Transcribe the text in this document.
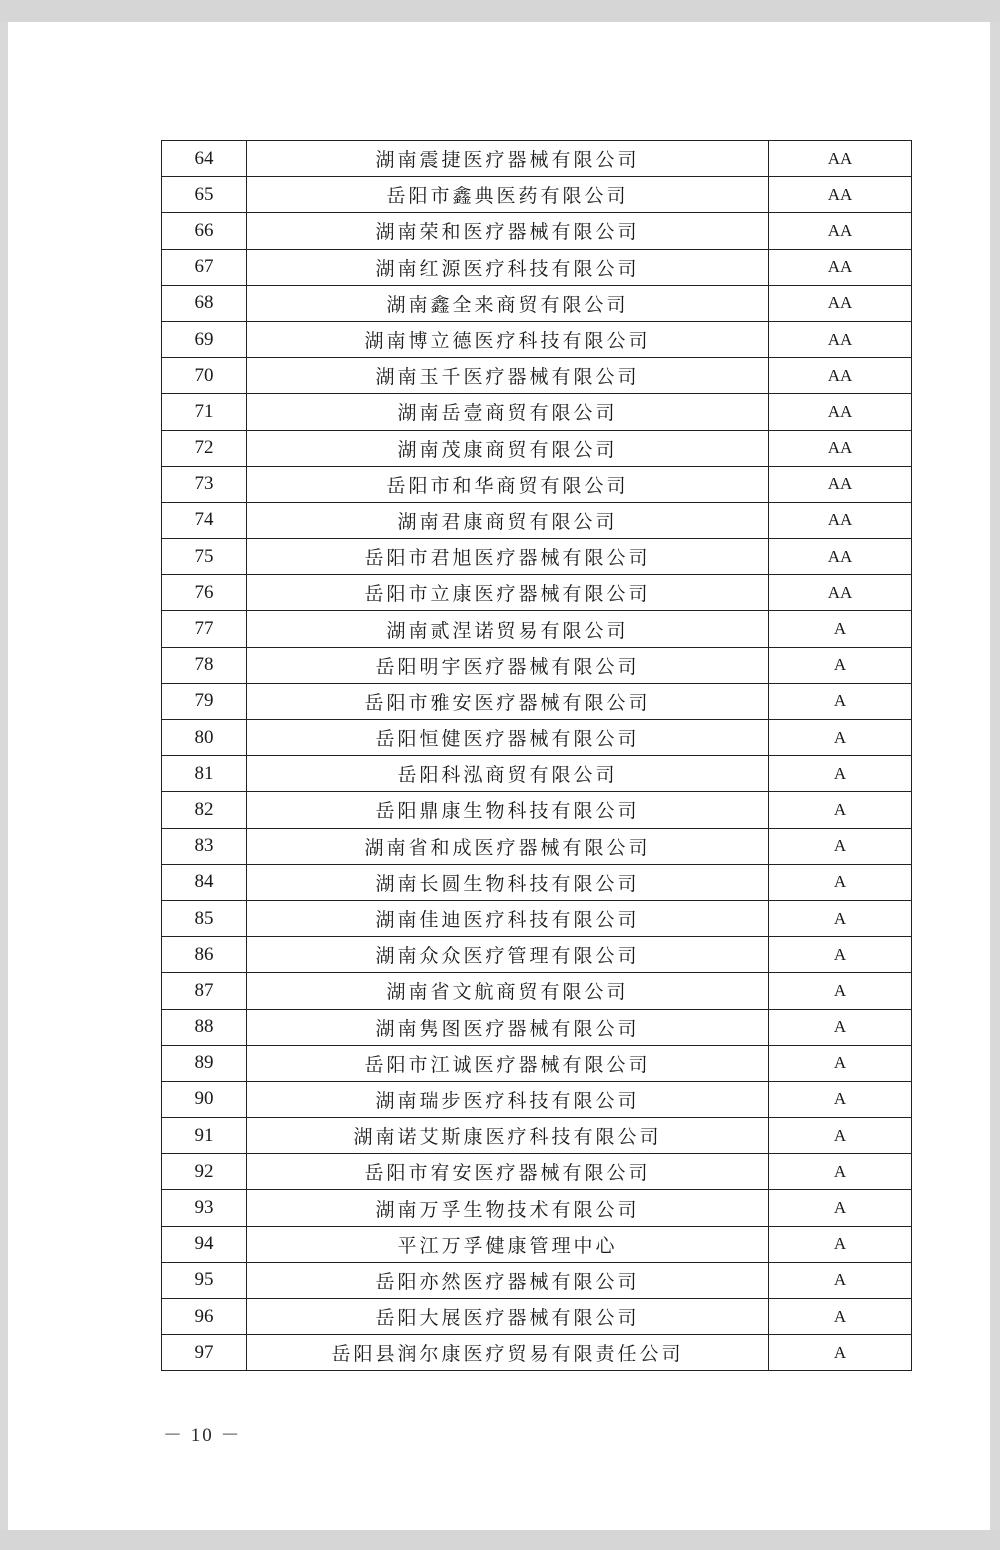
64	湖南震捷医疗器械有限公司	AA
65	岳阳市鑫典医药有限公司	AA
66	湖南荣和医疗器械有限公司	AA
67	湖南红源医疗科技有限公司	AA
68	湖南鑫全来商贸有限公司	AA
69	湖南博立德医疗科技有限公司	AA
70	湖南玉千医疗器械有限公司	AA
71	湖南岳壹商贸有限公司	AA
72	湖南茂康商贸有限公司	AA
73	岳阳市和华商贸有限公司	AA
74	湖南君康商贸有限公司	AA
75	岳阳市君旭医疗器械有限公司	AA
76	岳阳市立康医疗器械有限公司	AA
77	湖南贰涅诺贸易有限公司	A
78	岳阳明宇医疗器械有限公司	A
79	岳阳市雅安医疗器械有限公司	A
80	岳阳恒健医疗器械有限公司	A
81	岳阳科泓商贸有限公司	A
82	岳阳鼎康生物科技有限公司	A
83	湖南省和成医疗器械有限公司	A
84	湖南长圆生物科技有限公司	A
85	湖南佳迪医疗科技有限公司	A
86	湖南众众医疗管理有限公司	A
87	湖南省文航商贸有限公司	A
88	湖南隽图医疗器械有限公司	A
89	岳阳市江诚医疗器械有限公司	A
90	湖南瑞步医疗科技有限公司	A
91	湖南诺艾斯康医疗科技有限公司	A
92	岳阳市宥安医疗器械有限公司	A
93	湖南万孚生物技术有限公司	A
94	平江万孚健康管理中心	A
95	岳阳亦然医疗器械有限公司	A
96	岳阳大展医疗器械有限公司	A
97	岳阳县润尔康医疗贸易有限责任公司	A
－ 10 －
